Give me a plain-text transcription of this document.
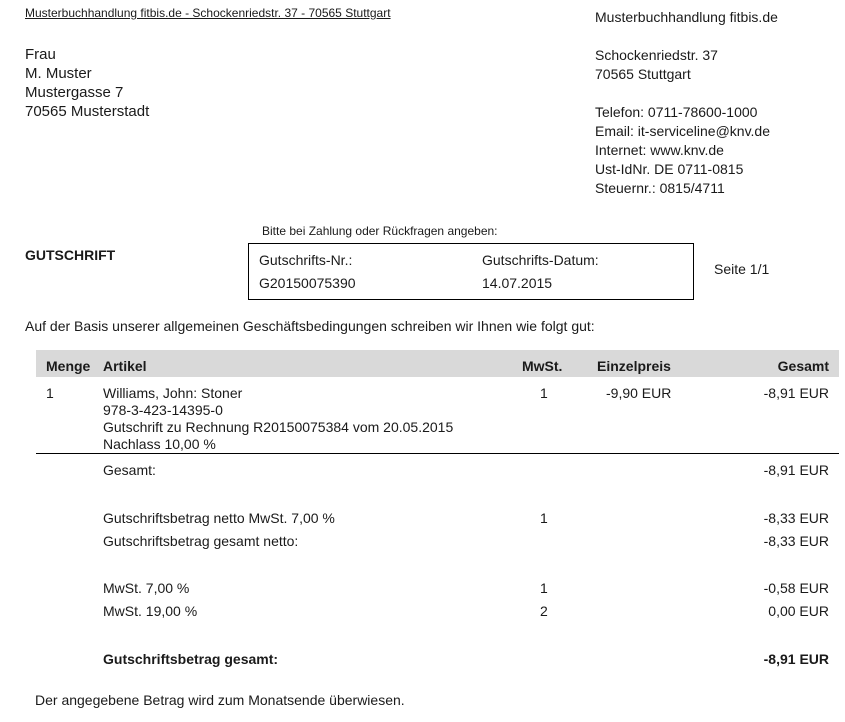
Musterbuchhandlung fitbis.de - Schockenriedstr. 37 - 70565 Stuttgart
Frau
M. Muster
Mustergasse 7
70565 Musterstadt
Musterbuchhandlung fitbis.de
Schockenriedstr. 37
70565 Stuttgart
Telefon: 0711-78600-1000
Email: it-serviceline@knv.de
Internet: www.knv.de
Ust-IdNr. DE 0711-0815
Steuernr.: 0815/4711
Bitte bei Zahlung oder Rückfragen angeben:
GUTSCHRIFT	Gutschrifts-Nr.:
G20150075390
Gutschrifts-Datum:
14.07.2015
Seite 1/1
Auf der Basis unserer allgemeinen Geschäftsbedingungen schreiben wir Ihnen wie folgt gut:
Menge Artikel	MwSt. Einzelpreis	Gesamt
1	Williams, John: Stoner
978-3-423-14395-0
Gutschrift zu Rechnung R20150075384 vom 20.05.2015
Nachlass 10,00 %
1	-9,90 EUR	-8,91 EUR
Gesamt:	-8,91 EUR
Gutschriftsbetrag netto MwSt. 7,00 %	1	-8,33 EUR
Gutschriftsbetrag gesamt netto:	-8,33 EUR
MwSt. 7,00 %	1	-0,58 EUR
MwSt. 19,00 %	2	0,00 EUR
Gutschriftsbetrag gesamt:	-8,91 EUR
Der angegebene Betrag wird zum Monatsende überwiesen.
